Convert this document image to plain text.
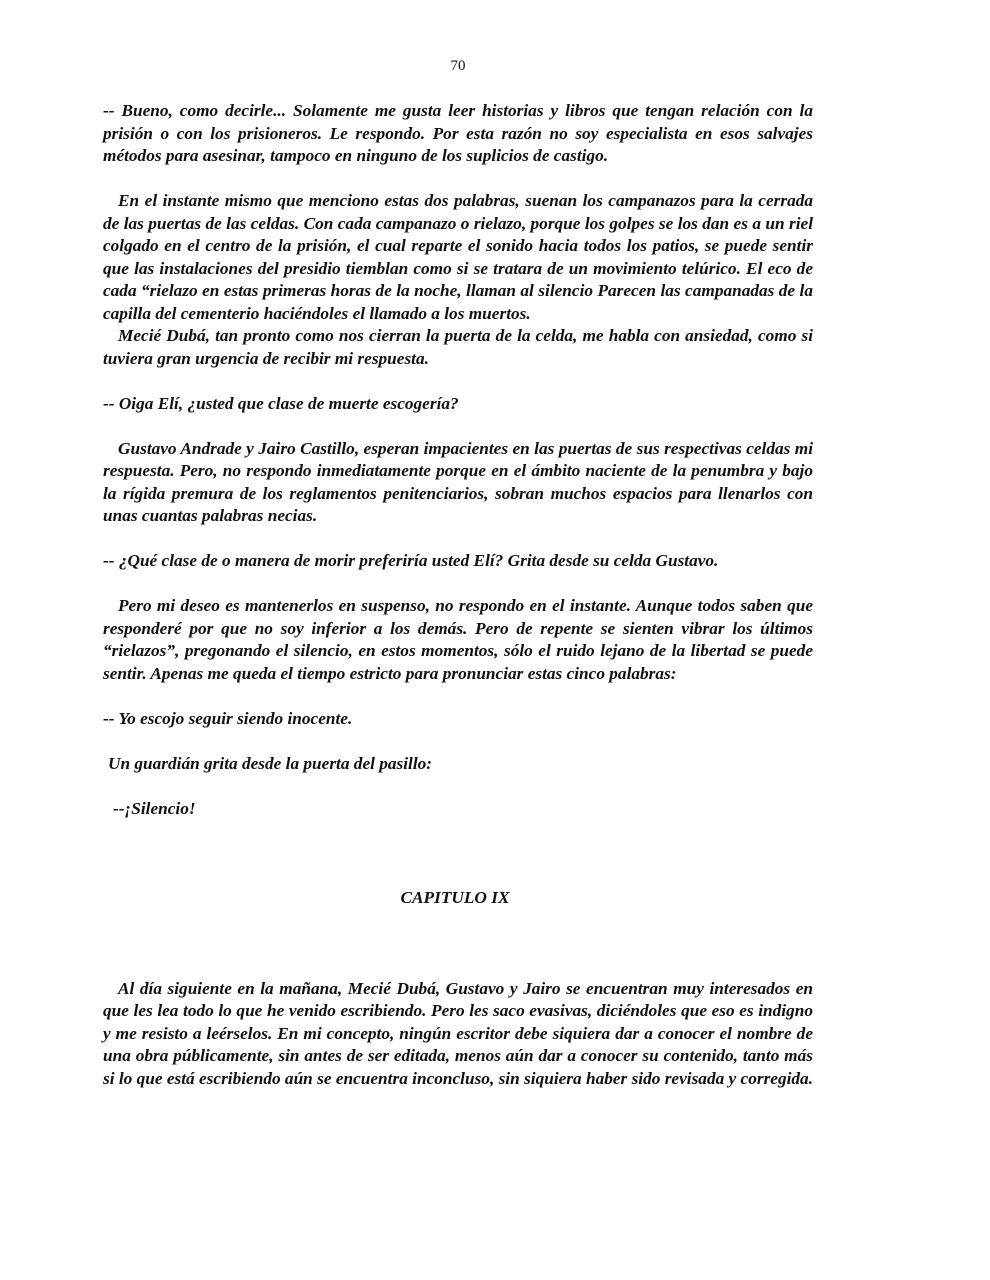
70

-- Bueno, como decirle... Solamente me gusta leer historias y libros que tengan relación con la prisión o con los prisioneros. Le respondo. Por esta razón no soy especialista en esos salvajes métodos para asesinar, tampoco en ninguno de los suplicios de castigo.

En el instante mismo que menciono estas dos palabras, suenan los campanazos para la cerrada de las puertas de las celdas. Con cada campanazo o rielazo, porque los golpes se los dan es a un riel colgado en el centro de la prisión, el cual reparte el sonido hacia todos los patios, se puede sentir que las instalaciones del presidio tiemblan como si se tratara de un movimiento telúrico. El eco de cada “rielazo en estas primeras horas de la noche, llaman al silencio Parecen las campanadas de la capilla del cementerio haciéndoles el llamado a los muertos.

Mecié Dubá, tan pronto como nos cierran la puerta de la celda, me habla con ansiedad, como si tuviera gran urgencia de recibir mi respuesta.

-- Oiga Elí, ¿usted que clase de muerte escogería?

Gustavo Andrade y Jairo Castillo, esperan impacientes en las puertas de sus respectivas celdas mi respuesta. Pero, no respondo inmediatamente porque en el ámbito naciente de la penumbra y bajo la rígida premura de los reglamentos penitenciarios, sobran muchos espacios para llenarlos con unas cuantas palabras necias.

-- ¿Qué clase de o manera de morir preferiría usted Elí? Grita desde su celda Gustavo.

Pero mi deseo es mantenerlos en suspenso, no respondo en el instante. Aunque todos saben que responderé por que no soy inferior a los demás. Pero de repente se sienten vibrar los últimos “rielazos”, pregonando el silencio, en estos momentos, sólo el ruido lejano de la libertad se puede sentir. Apenas me queda el tiempo estricto para pronunciar estas cinco palabras:

-- Yo escojo seguir siendo inocente.

Un guardián grita desde la puerta del pasillo:

--¡Silencio!

CAPITULO IX

Al día siguiente en la mañana, Mecié Dubá, Gustavo y Jairo se encuentran muy interesados en que les lea todo lo que he venido escribiendo. Pero les saco evasivas, diciéndoles que eso es indigno y me resisto a leérselos. En mi concepto, ningún escritor debe siquiera dar a conocer el nombre de una obra públicamente, sin antes de ser editada, menos aún dar a conocer su contenido, tanto más si lo que está escribiendo aún se encuentra inconcluso, sin siquiera haber sido revisada y corregida.
